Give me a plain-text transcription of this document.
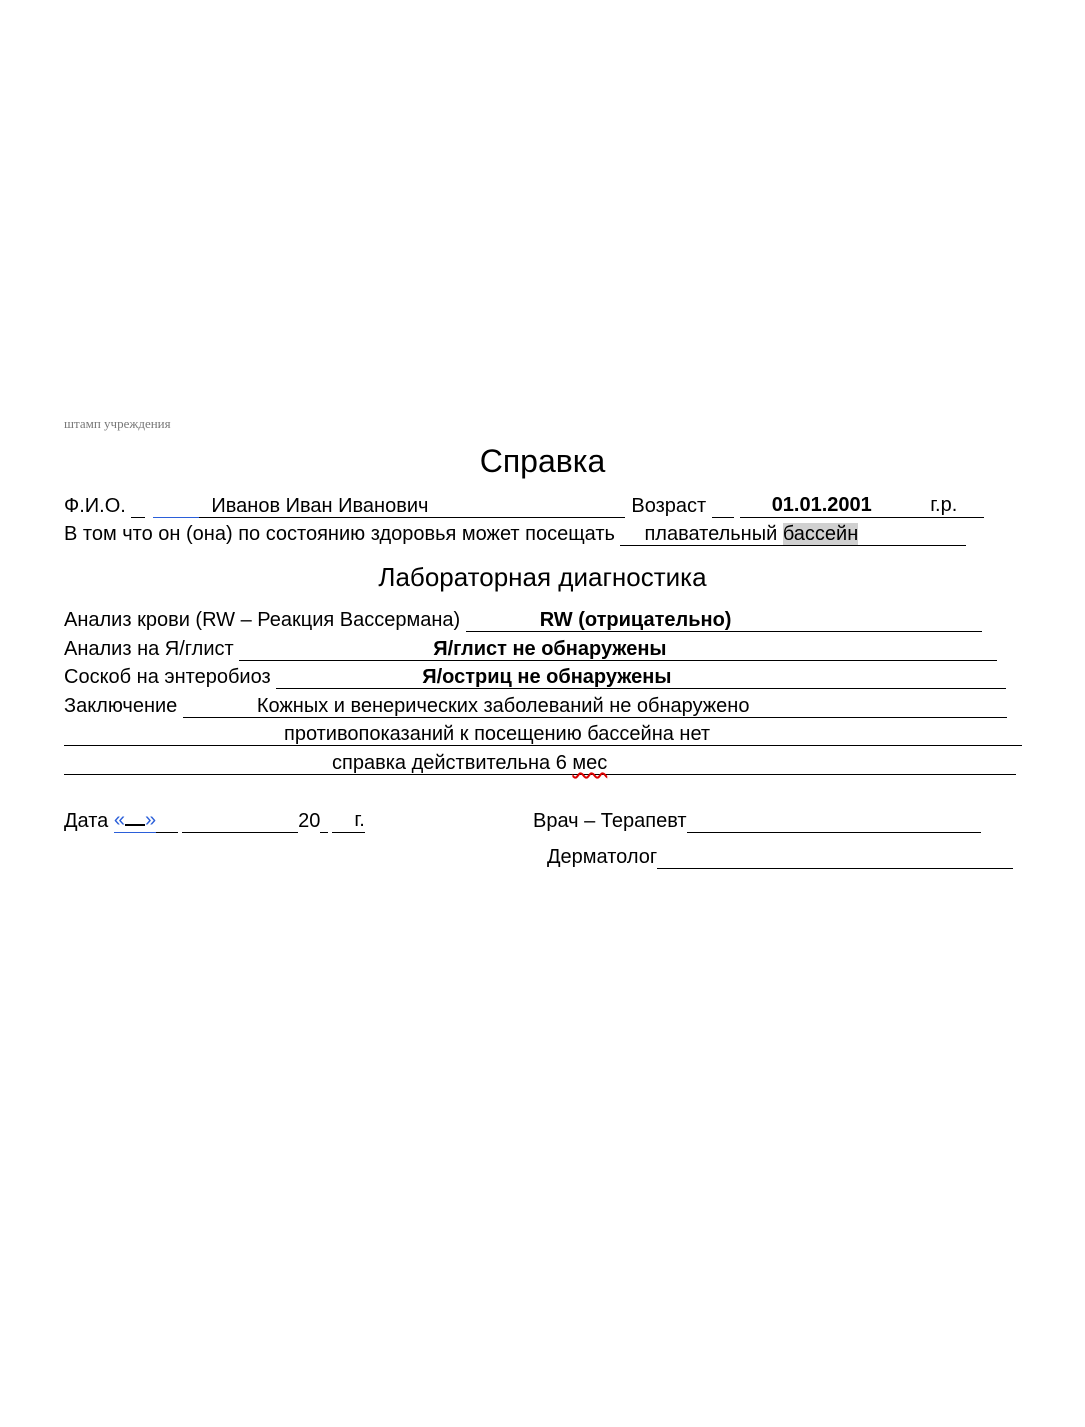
штамп учреждения
Справка
Ф.И.О.	Иванов Иван Иванович	Возраст	01.01.2001	г.р.
В том что он (она) по состоянию здоровья может посещать	плавательный бассейн
Лабораторная диагностика
Анализ крови (RW – Реакция Вассермана)	RW (отрицательно)
Анализ на Я/глист	Я/глист не обнаружены
Соскоб на энтеробиоз	Я/остриц не обнаружены
Заключение	Кожных и венерических заболеваний не обнаружено
противопоказаний к посещению бассейна нет
справка действительна 6 мес
Дата « »	20 г.	Врач – Терапевт
Дерматолог
